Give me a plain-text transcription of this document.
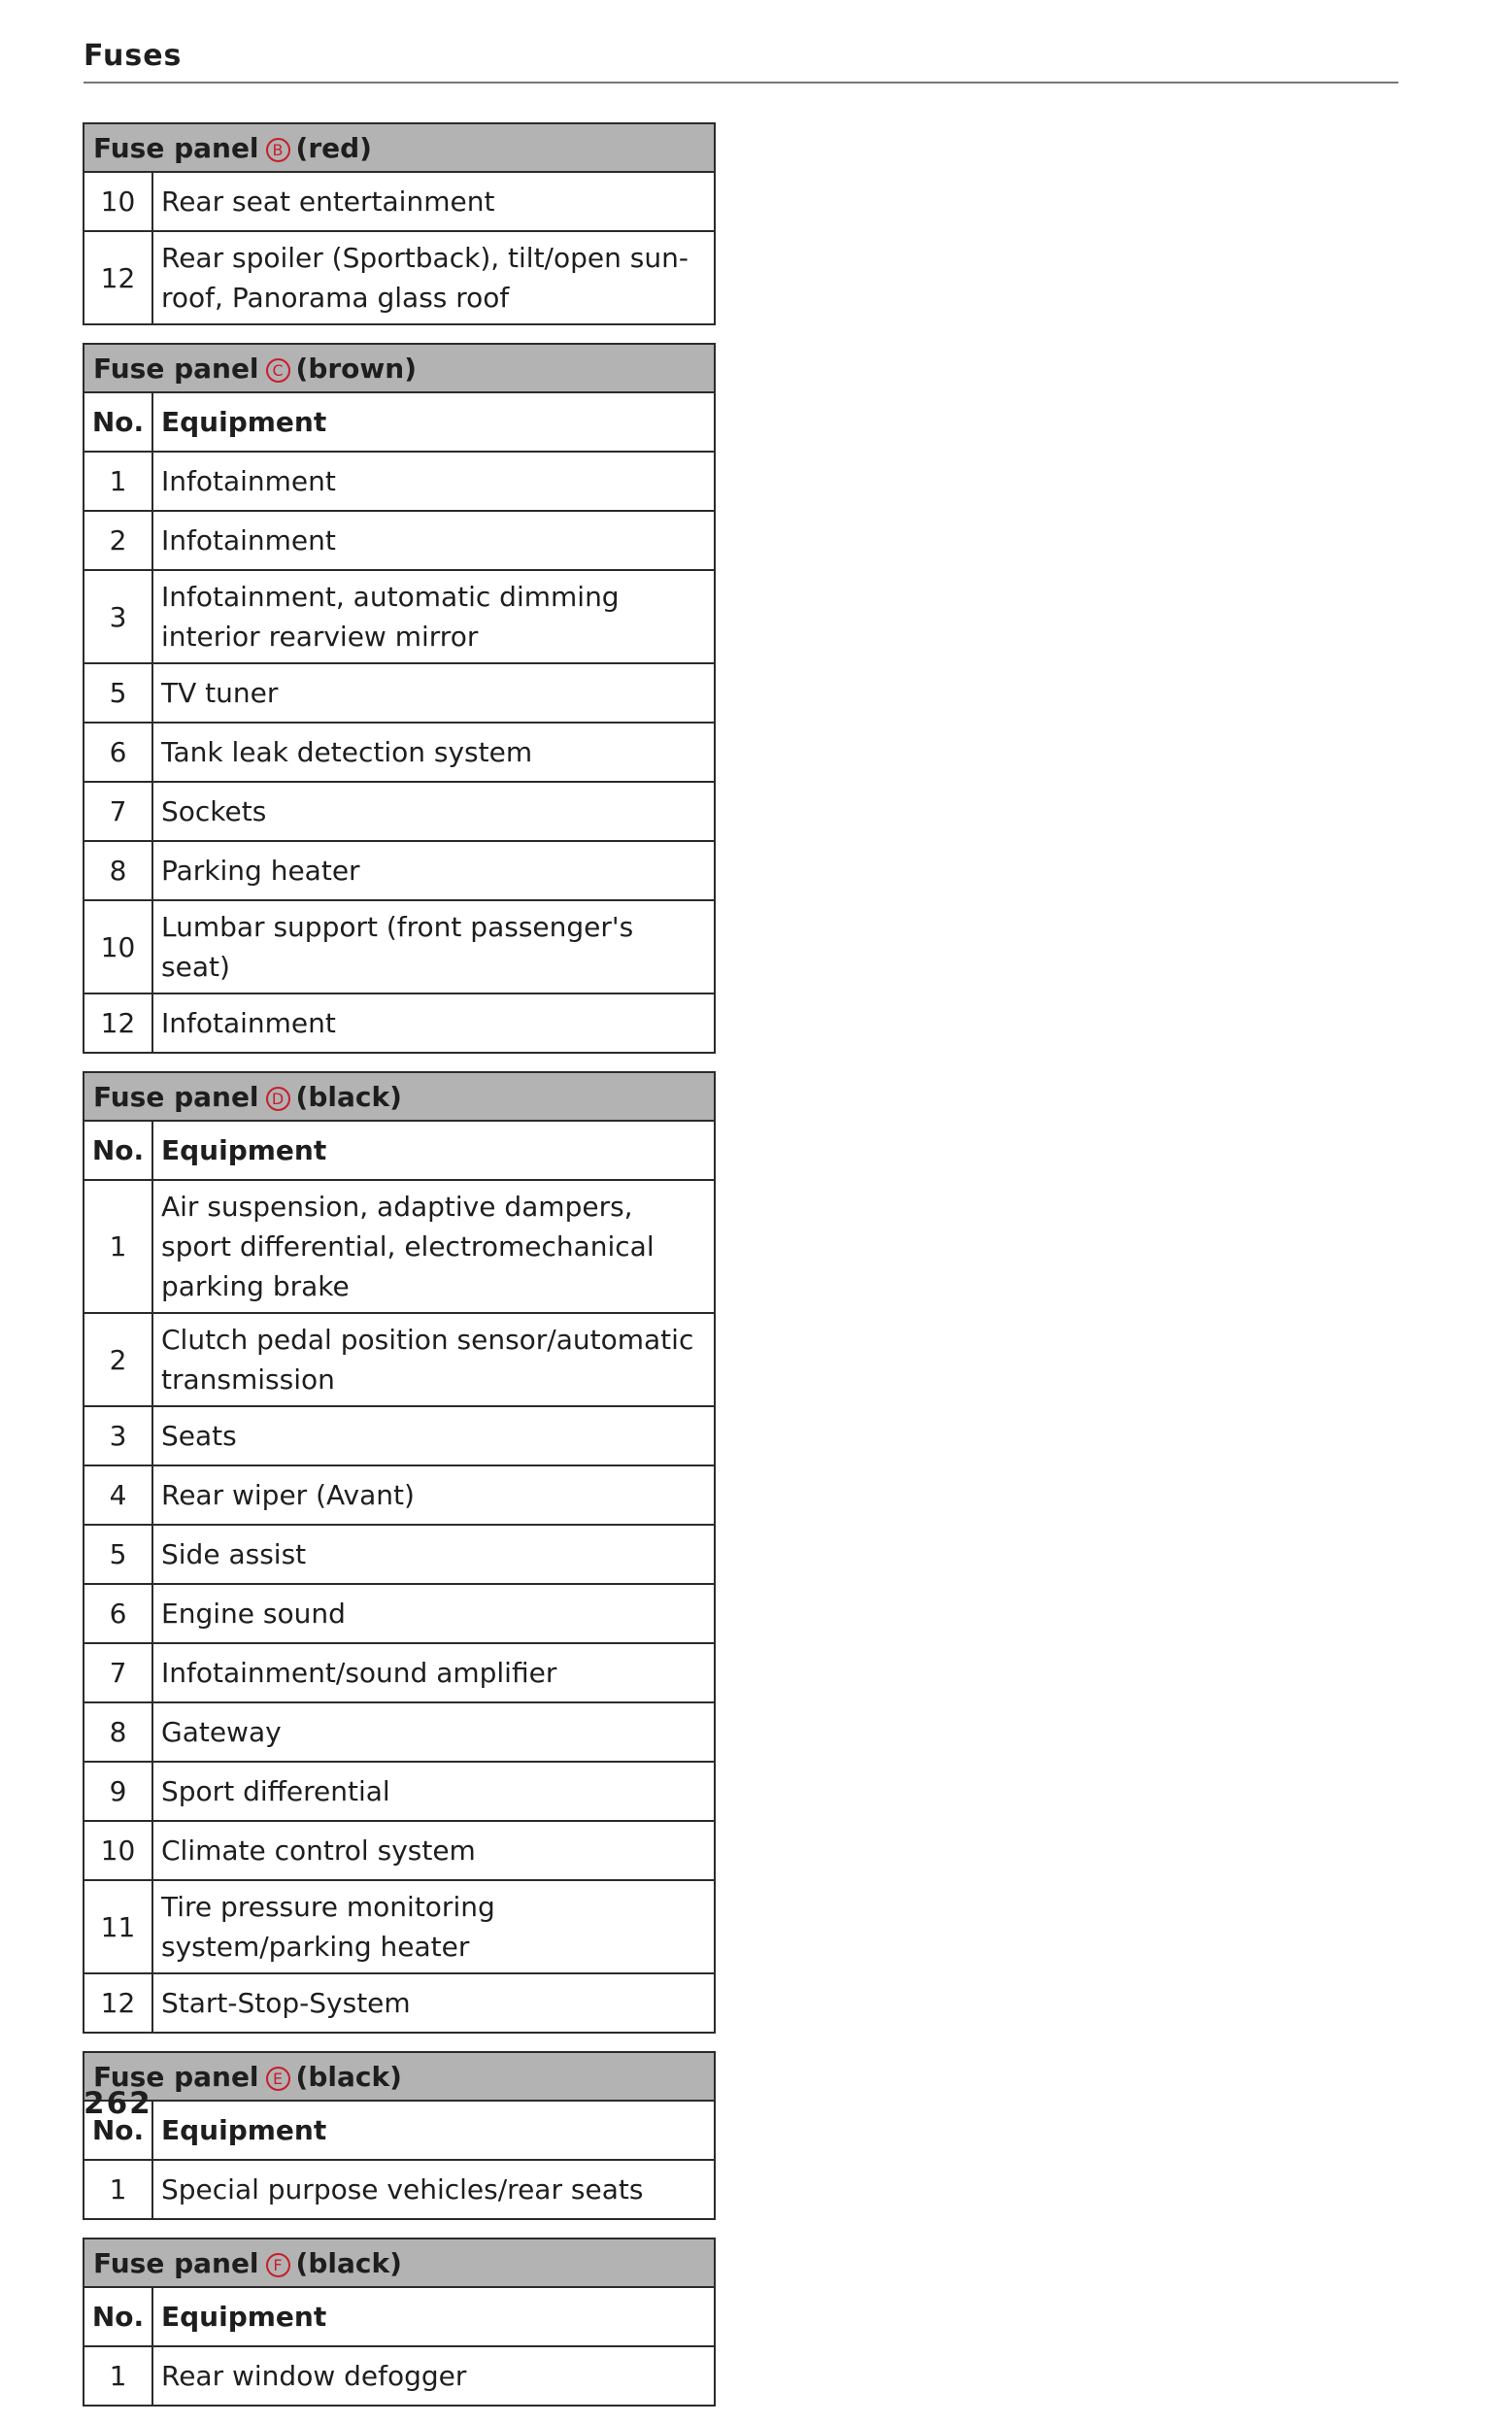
Fuses
Fuse panel B (red)	
10	Rear seat entertainment
12	Rear spoiler (Sportback), tilt/open sun-roof, Panorama glass roof
Fuse panel C (brown)	
No.	Equipment
1	Infotainment
2	Infotainment
3	Infotainment, automatic dimming interior rearview mirror
5	TV tuner
6	Tank leak detection system
7	Sockets
8	Parking heater
10	Lumbar support (front passenger's seat)
12	Infotainment
Fuse panel D (black)	
No.	Equipment
1	Air suspension, adaptive dampers, sport differential, electromechanical parking brake
2	Clutch pedal position sensor/automatic transmission
3	Seats
4	Rear wiper (Avant)
5	Side assist
6	Engine sound
7	Infotainment/sound amplifier
8	Gateway
9	Sport differential
10	Climate control system
11	Tire pressure monitoring system/parking heater
12	Start-Stop-System
Fuse panel E (black)	
No.	Equipment
1	Special purpose vehicles/rear seats
Fuse panel F (black)	
No.	Equipment
1	Rear window defogger
262
